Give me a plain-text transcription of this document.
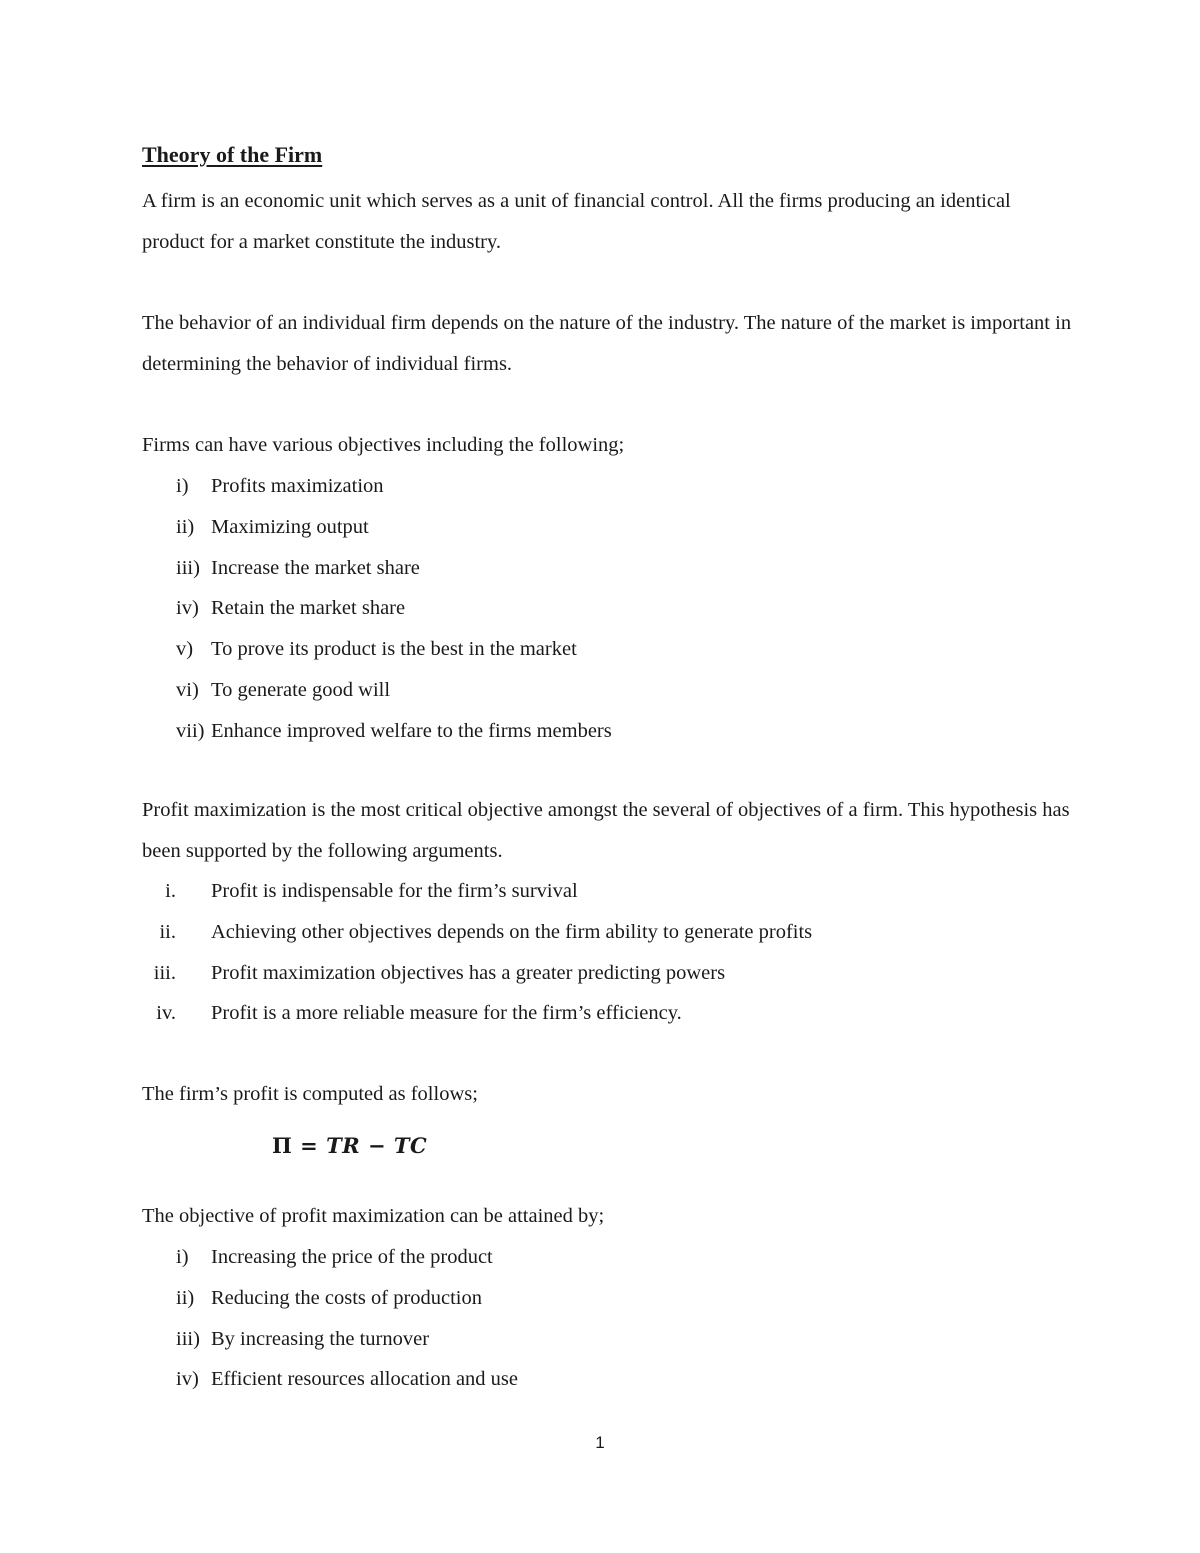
Theory of the Firm

A firm is an economic unit which serves as a unit of financial control. All the firms producing an identical product for a market constitute the industry.

The behavior of an individual firm depends on the nature of the industry. The nature of the market is important in determining the behavior of individual firms.

Firms can have various objectives including the following;

i)	Profits maximization
ii) Maximizing output
iii) Increase the market share
iv) Retain the market share
v) To prove its product is the best in the market
vi) To generate good will
vii) Enhance improved welfare to the firms members

Profit maximization is the most critical objective amongst the several of objectives of a firm. This hypothesis has been supported by the following arguments.

i. Profit is indispensable for the firm’s survival
ii. Achieving other objectives depends on the firm ability to generate profits
iii. Profit maximization objectives has a greater predicting powers
iv. Profit is a more reliable measure for the firm’s efficiency.

The firm’s profit is computed as follows;

Π = TR − TC

The objective of profit maximization can be attained by;

i)	Increasing the price of the product
ii) Reducing the costs of production
iii) By increasing the turnover
iv) Efficient resources allocation and use
1
